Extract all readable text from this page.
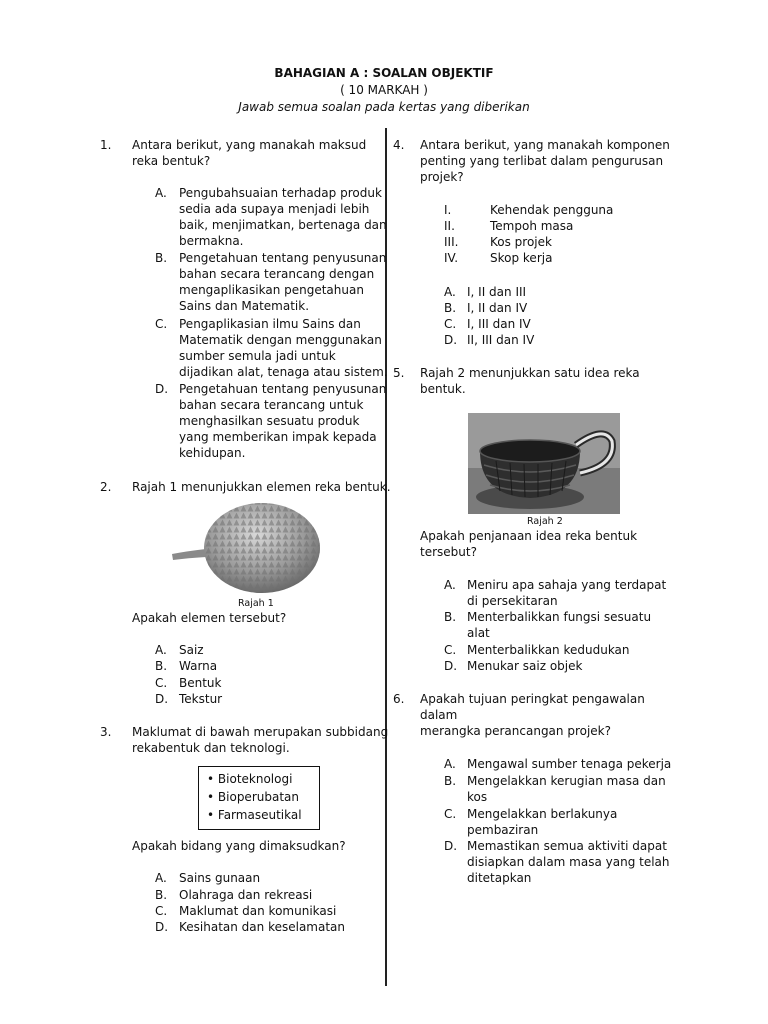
BAHAGIAN A : SOALAN OBJEKTIF
( 10 MARKAH )
Jawab semua soalan pada kertas yang diberikan
1. Antara berikut, yang manakah maksud
reka bentuk?
A. Pengubahsuaian terhadap produk
sedia ada supaya menjadi lebih
baik, menjimatkan, bertenaga dan
bermakna.
B. Pengetahuan tentang penyusunan
bahan secara terancang dengan
mengaplikasikan pengetahuan
Sains dan Matematik.
C. Pengaplikasian ilmu Sains dan
Matematik dengan menggunakan
sumber semula jadi untuk
dijadikan alat, tenaga atau sistem.
D. Pengetahuan tentang penyusunan
bahan secara terancang untuk
menghasilkan sesuatu produk
yang memberikan impak kepada
kehidupan.
2. Rajah 1 menunjukkan elemen reka bentuk.
Rajah 1
Apakah elemen tersebut?
A. Saiz
B. Warna
C. Bentuk
D. Tekstur
3. Maklumat di bawah merupakan subbidang
rekabentuk dan teknologi.
• Bioteknologi
• Bioperubatan
• Farmaseutikal
Apakah bidang yang dimaksudkan?
A. Sains gunaan
B. Olahraga dan rekreasi
C. Maklumat dan komunikasi
D. Kesihatan dan keselamatan
4. Antara berikut, yang manakah komponen
penting yang terlibat dalam pengurusan
projek?
I.	Kehendak pengguna
II.	Tempoh masa
III.	Kos projek
IV.	Skop kerja
A. I, II dan III
B. I, II dan IV
C. I, III dan IV
D. II, III dan IV
5. Rajah 2 menunjukkan satu idea reka
bentuk.
Rajah 2
Apakah penjanaan idea reka bentuk
tersebut?
A. Meniru apa sahaja yang terdapat
di persekitaran
B. Menterbalikkan fungsi sesuatu
alat
C. Menterbalikkan kedudukan
D. Menukar saiz objek
6. Apakah tujuan peringkat pengawalan
dalam
merangka perancangan projek?
A. Mengawal sumber tenaga pekerja
B. Mengelakkan kerugian masa dan
kos
C. Mengelakkan berlakunya
pembaziran
D. Memastikan semua aktiviti dapat
disiapkan dalam masa yang telah
ditetapkan
